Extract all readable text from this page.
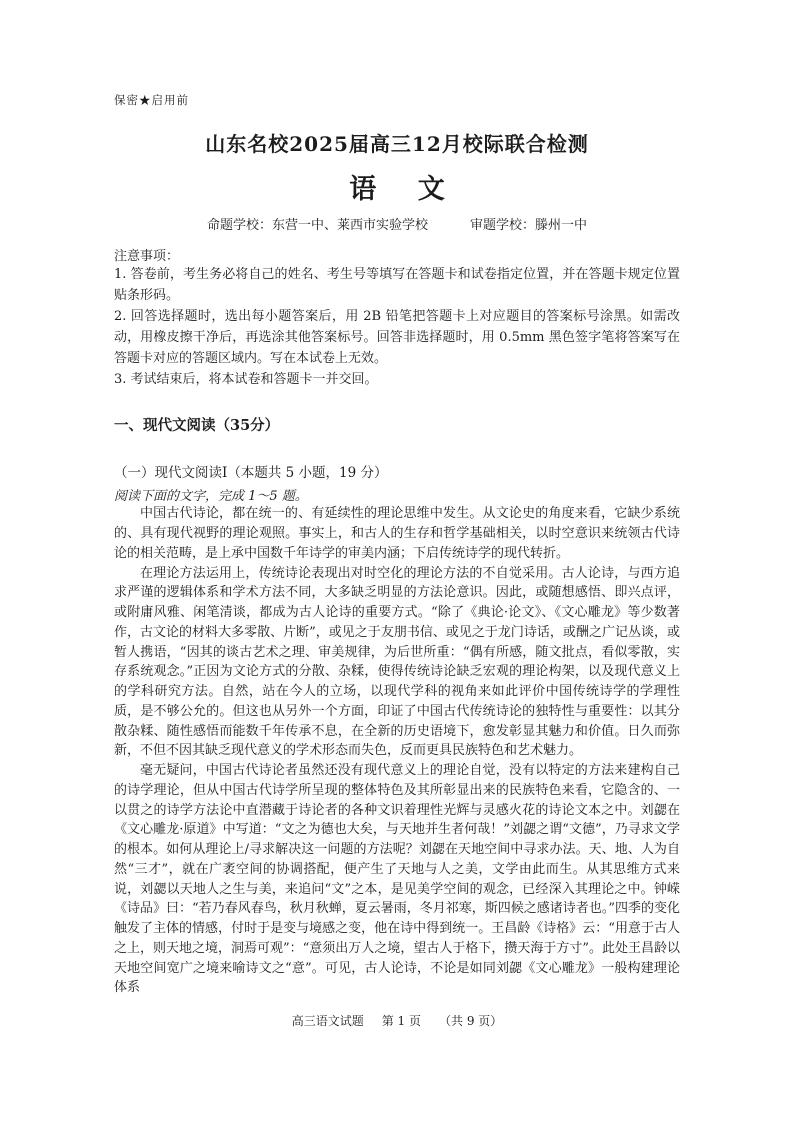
保密★启用前
山东名校2025届高三12月校际联合检测
语 文
命题学校：东营一中、莱西市实验学校	审题学校：滕州一中
注意事项：
1. 答卷前，考生务必将自己的姓名、考生号等填写在答题卡和试卷指定位置，并在答题卡规定位置贴条形码。
2. 回答选择题时，选出每小题答案后，用 2B 铅笔把答题卡上对应题目的答案标号涂黑。如需改动，用橡皮擦干净后，再选涂其他答案标号。回答非选择题时，用 0.5mm 黑色签字笔将答案写在答题卡对应的答题区域内。写在本试卷上无效。
3. 考试结束后，将本试卷和答题卡一并交回。
一、现代文阅读（35分）
（一）现代文阅读Ⅰ（本题共 5 小题，19 分）
阅读下面的文字，完成 1～5 题。

中国古代诗论，都在统一的、有延续性的理论思维中发生。从文论史的角度来看，它缺少系统的、具有现代视野的理论观照。事实上，和古人的生存和哲学基础相关，以时空意识来统领古代诗论的相关范畴，是上承中国数千年诗学的审美内涵；下启传统诗学的现代转折。

在理论方法运用上，传统诗论表现出对时空化的理论方法的不自觉采用。古人论诗，与西方追求严谨的逻辑体系和学术方法不同，大多缺乏明显的方法论意识。因此，或随想感悟、即兴点评，或附庸风雅、闲笔清谈，都成为古人论诗的重要方式。“除了《典论·论文》、《文心雕龙》等少数著作，古文论的材料大多零散、片断”，或见之于友朋书信、或见之于龙门诗话，或酬之广记丛谈，或暂人携语，“因其的谈古艺术之理、审美规律，为后世所重：“偶有所感，随文批点，看似零散，实存系统观念。”正因为文论方式的分散、杂糅，使得传统诗论缺乏宏观的理论构架，以及现代意义上的学科研究方法。自然，站在今人的立场，以现代学科的视角来如此评价中国传统诗学的学理性质，是不够公允的。但这也从另外一个方面，印证了中国古代传统诗论的独特性与重要性：以其分散杂糅、随性感悟而能数千年传承不息，在全新的历史语境下，愈发彰显其魅力和价值。日久而弥新，不但不因其缺乏现代意义的学术形态而失色，反而更具民族特色和艺术魅力。

毫无疑问，中国古代诗论者虽然还没有现代意义上的理论自觉，没有以特定的方法来建构自己的诗学理论，但从中国古代诗学所呈现的整体特色及其所彰显出来的民族特色来看，它隐含的、一以贯之的诗学方法论中直潜藏于诗论者的各种文识着理性光辉与灵感火花的诗论文本之中。刘勰在《文心雕龙·原道》中写道：“文之为德也大矣，与天地并生者何哉！”刘勰之谓“文德”，乃寻求文学的根本。如何从理论上/寻求解决这一问题的方法呢？刘勰在天地空间中寻求办法。天、地、人为自然“三才”，就在广袤空间的协调搭配，便产生了天地与人之美，文学由此而生。从其思维方式来说，刘勰以天地人之生与美，来追问“文”之本，是见美学空间的观念，已经深入其理论之中。钟嵘《诗品》曰：“若乃春风春鸟，秋月秋蝉，夏云暑雨，冬月祁寒，斯四候之感诸诗者也。”四季的变化触发了主体的情感，付时于是变与境感之变，他在诗中得到统一。王昌龄《诗格》云：“用意于古人之上，则天地之境，洞焉可观”：“意须出万人之境，望古人于格下，攒天海于方寸”。此处王昌龄以天地空间宽广之境来喻诗文之“意”。可见，古人论诗，不论是如同刘勰《文心雕龙》一般构建理论体系

高三语文试题 第 1 页 （共 9 页）
